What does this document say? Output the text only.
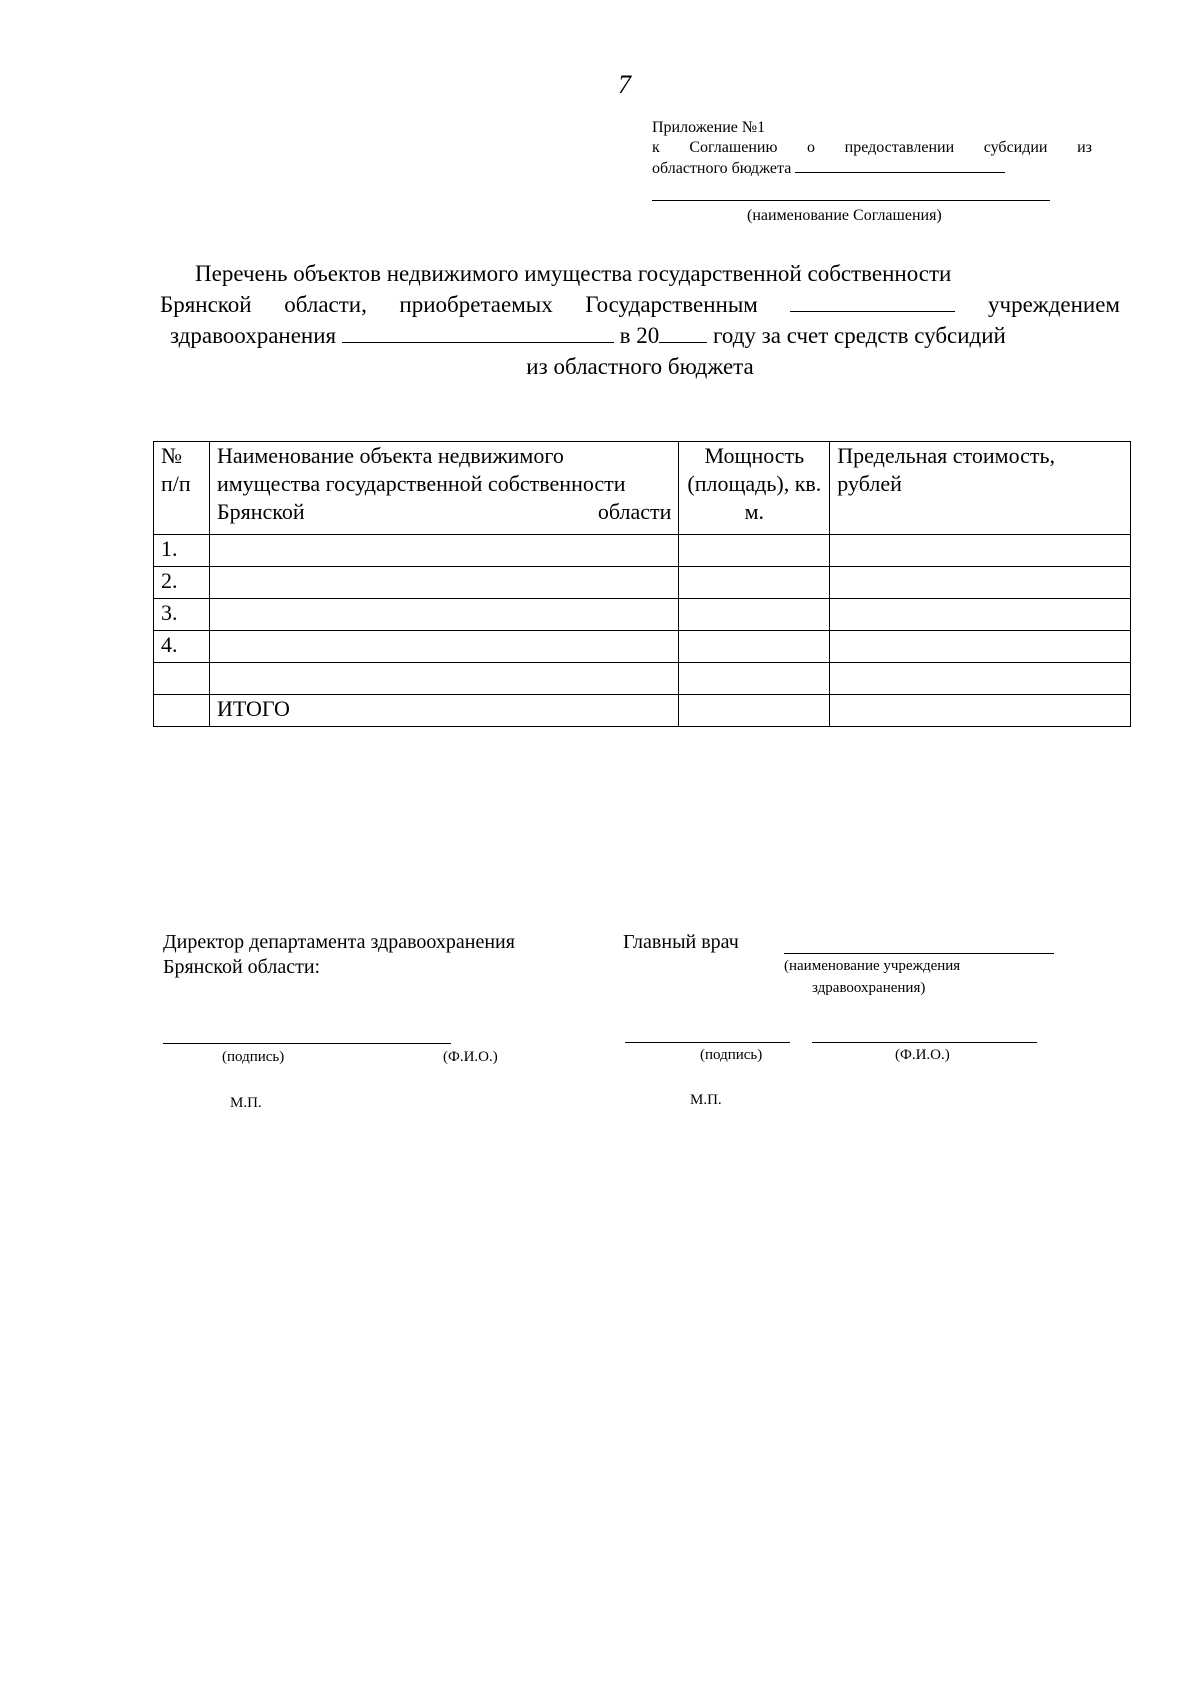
7
Приложение №1
к Соглашению о предоставлении субсидии из
областного бюджета
(наименование Соглашения)
Перечень объектов недвижимого имущества государственной собственности
Брянской области, приобретаемых Государственным	учреждением
здравоохранения	в 20 году за счет средств субсидий
из областного бюджета
№ п/п	Наименование объекта недвижимого имущества государственной собственности Брянской области	Мощность (площадь), кв. м.	Предельная стоимость, рублей
1.			
2.			
3.			
4.			

	ИТОГО		
Директор департамента здравоохранения
Брянской области:
(подпись)	(Ф.И.О.)
М.П.
Главный врач
(наименование учреждения
здравоохранения)
(подпись)	(Ф.И.О.)
М.П.
